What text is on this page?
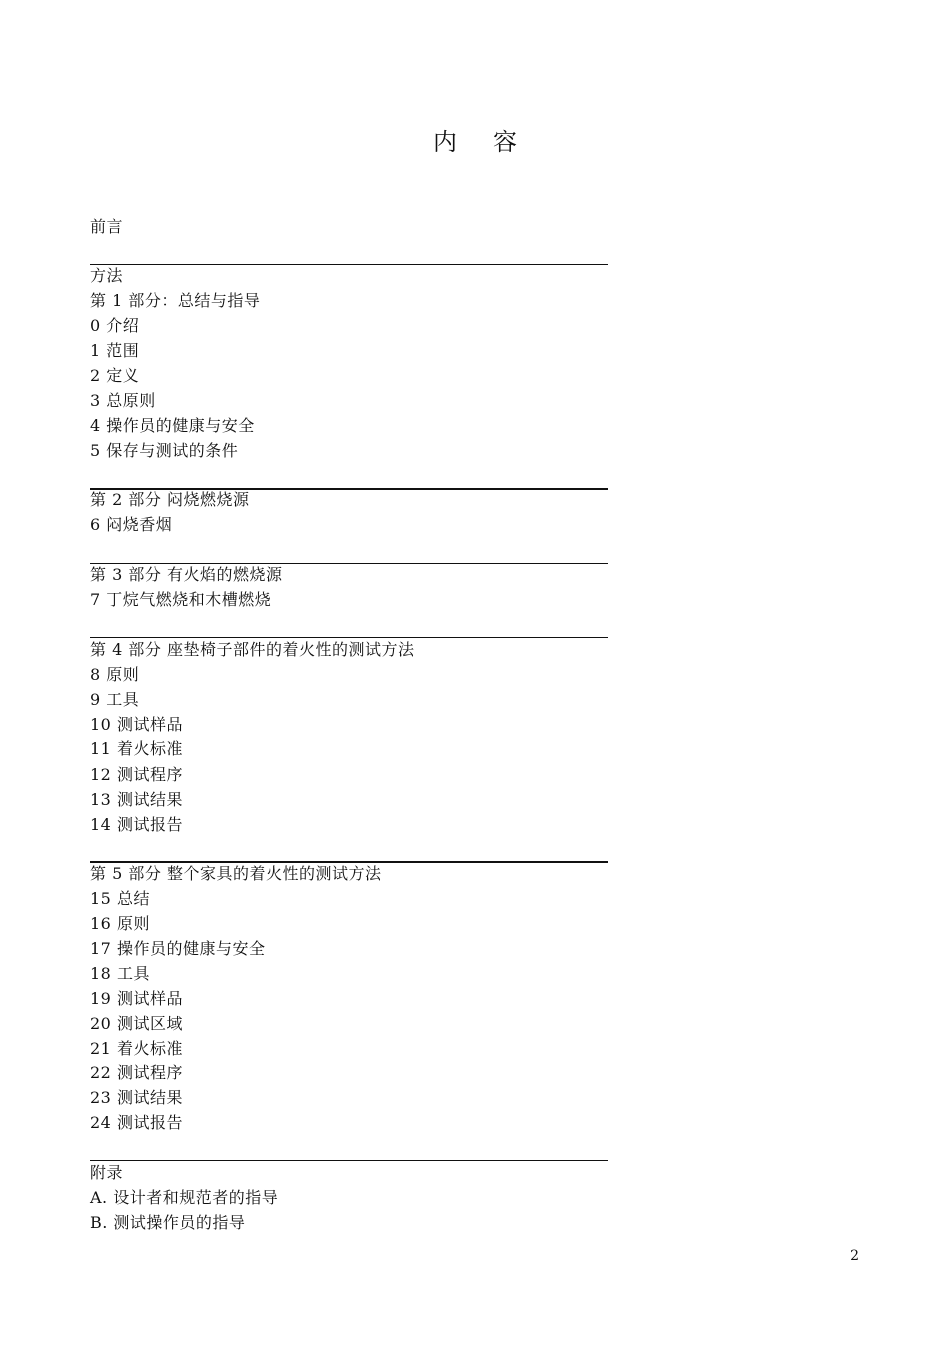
内 容
前言
方法
第 1 部分：总结与指导
0 介绍
1 范围
2 定义
3 总原则
4 操作员的健康与安全
5 保存与测试的条件
第 2 部分 闷烧燃烧源
6 闷烧香烟
第 3 部分 有火焰的燃烧源
7 丁烷气燃烧和木槽燃烧
第 4 部分 座垫椅子部件的着火性的测试方法
8 原则
9 工具
10 测试样品
11 着火标准
12 测试程序
13 测试结果
14 测试报告
第 5 部分 整个家具的着火性的测试方法
15 总结
16 原则
17 操作员的健康与安全
18 工具
19 测试样品
20 测试区域
21 着火标准
22 测试程序
23 测试结果
24 测试报告
附录
A. 设计者和规范者的指导
B. 测试操作员的指导
2
